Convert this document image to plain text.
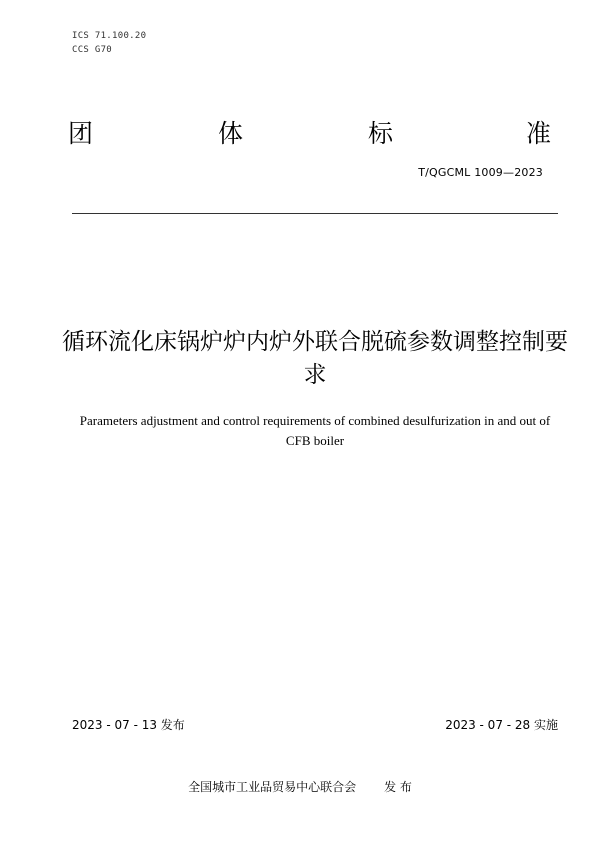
ICS 71.100.20
CCS G70
团	体	标	准
T/QGCML 1009—2023
循环流化床锅炉炉内炉外联合脱硫参数调整控制要求
Parameters adjustment and control requirements of combined desulfurization in and out of CFB boiler
2023 - 07 - 13 发布	2023 - 07 - 28 实施
全国城市工业品贸易中心联合会 发 布
